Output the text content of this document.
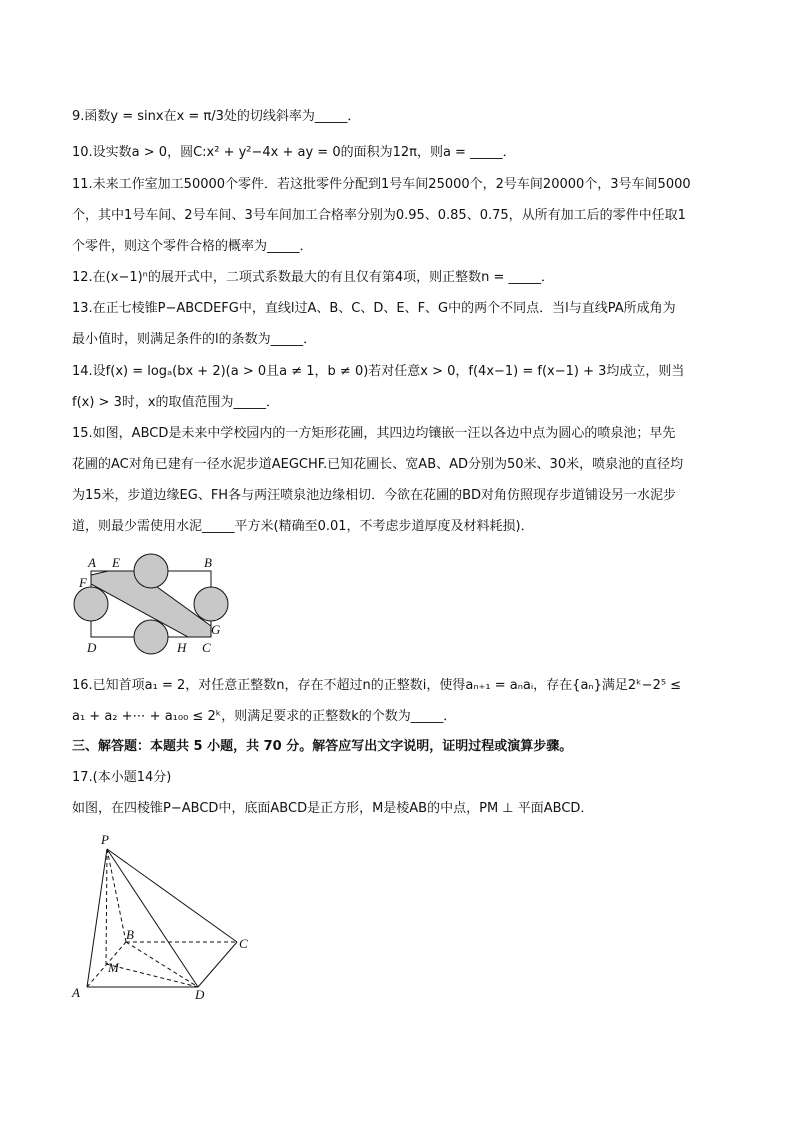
9.函数y = sinx在x = π/3处的切线斜率为_____．
10.设实数a > 0，圆C:x² + y²−4x + ay = 0的面积为12π，则a = _____．
11.未来工作室加工50000个零件．若这批零件分配到1号车间25000个，2号车间20000个，3号车间5000
个，其中1号车间、2号车间、3号车间加工合格率分别为0.95、0.85、0.75，从所有加工后的零件中任取1
个零件，则这个零件合格的概率为_____．
12.在(x−1)ⁿ的展开式中，二项式系数最大的有且仅有第4项，则正整数n = _____．
13.在正七棱锥P−ABCDEFG中，直线l过A、B、C、D、E、F、G中的两个不同点．当l与直线PA所成角为
最小值时，则满足条件的l的条数为_____．
14.设f(x) = logₐ(bx + 2)(a > 0且a ≠ 1，b ≠ 0)若对任意x > 0，f(4x−1) = f(x−1) + 3均成立，则当
f(x) > 3时，x的取值范围为_____．
15.如图，ABCD是未来中学校园内的一方矩形花圃，其四边均镶嵌一汪以各边中点为圆心的喷泉池；早先
花圃的AC对角已建有一径水泥步道AEGCHF.已知花圃长、宽AB、AD分别为50米、30米，喷泉池的直径均
为15米，步道边缘EG、FH各与两汪喷泉池边缘相切．今欲在花圃的BD对角仿照现存步道铺设另一水泥步
道，则最少需使用水泥_____平方米(精确至0.01，不考虑步道厚度及材料耗损)．
A E	B
F
G
D	H C
16.已知首项a₁ = 2，对任意正整数n，存在不超过n的正整数i，使得aₙ₊₁ = aₙaᵢ，存在{aₙ}满足2ᵏ−2⁵ ≤
a₁ + a₂ +⋯ + a₁₀₀ ≤ 2ᵏ，则满足要求的正整数k的个数为_____．
三、解答题：本题共 5 小题，共 70 分。解答应写出文字说明，证明过程或演算步骤。
17.(本小题14分)
如图，在四棱锥P−ABCD中，底面ABCD是正方形，M是棱AB的中点，PM ⊥ 平面ABCD．
P
B
C
M
A	D
